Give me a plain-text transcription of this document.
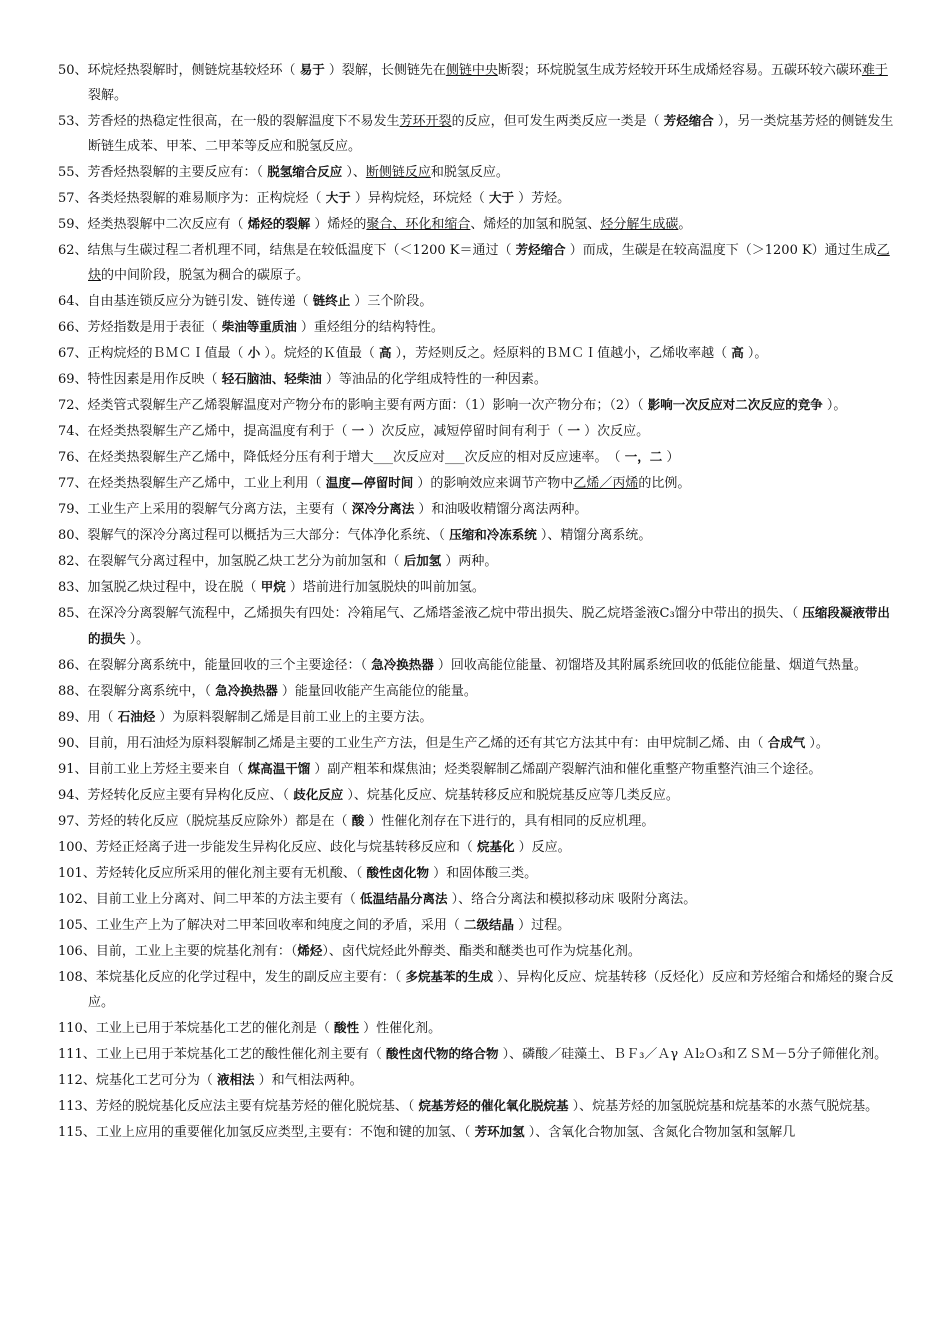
50、环烷烃热裂解时，侧链烷基较烃环（ 易于 ）裂解，长侧链先在侧链中央断裂；环烷脱氢生成芳烃较开环生成烯烃容易。五碳环较六碳环难于裂解。
53、芳香烃的热稳定性很高，在一般的裂解温度下不易发生芳环开裂的反应，但可发生两类反应一类是（ 芳烃缩合 ），另一类烷基芳烃的侧链发生断链生成苯、甲苯、二甲苯等反应和脱氢反应。
55、芳香烃热裂解的主要反应有：（ 脱氢缩合反应 ）、断侧链反应和脱氢反应。
57、各类烃热裂解的难易顺序为：正构烷烃（ 大于 ）异构烷烃，环烷烃（ 大于 ）芳烃。
59、烃类热裂解中二次反应有（ 烯烃的裂解 ）烯烃的聚合、环化和缩合、烯烃的加氢和脱氢、烃分解生成碳。
62、结焦与生碳过程二者机理不同，结焦是在较低温度下（＜1200 K＝通过（ 芳烃缩合 ）而成，生碳是在较高温度下（＞1200 K）通过生成乙炔的中间阶段，脱氢为稠合的碳原子。
64、自由基连锁反应分为链引发、链传递（ 链终止 ）三个阶段。
66、芳烃指数是用于表征（ 柴油等重质油 ）重烃组分的结构特性。
67、正构烷烃的ＢＭＣＩ值最（ 小 ）。烷烃的Ｋ值最（ 高 ），芳烃则反之。烃原料的ＢＭＣＩ值越小，乙烯收率越（ 高 ）。
69、特性因素是用作反映（ 轻石脑油、轻柴油 ）等油品的化学组成特性的一种因素。
72、烃类管式裂解生产乙烯裂解温度对产物分布的影响主要有两方面：（1）影响一次产物分布；（2）（ 影响一次反应对二次反应的竞争 ）。
74、在烃类热裂解生产乙烯中，提高温度有利于（ 一 ）次反应，减短停留时间有利于（ 一 ）次反应。
76、在烃类热裂解生产乙烯中，降低烃分压有利于增大___次反应对___次反应的相对反应速率。　（ 一，二 ）
77、在烃类热裂解生产乙烯中，工业上利用（ 温度—停留时间 ）的影响效应来调节产物中乙烯／丙烯的比例。
79、工业生产上采用的裂解气分离方法，主要有（ 深冷分离法 ）和油吸收精馏分离法两种。
80、裂解气的深冷分离过程可以概括为三大部分：气体净化系统、（ 压缩和冷冻系统 ）、精馏分离系统。
82、在裂解气分离过程中，加氢脱乙炔工艺分为前加氢和（ 后加氢 ）两种。
83、加氢脱乙炔过程中，设在脱（ 甲烷 ）塔前进行加氢脱炔的叫前加氢。
85、在深冷分离裂解气流程中，乙烯损失有四处：冷箱尾气、乙烯塔釜液乙烷中带出损失、脱乙烷塔釜液C₃馏分中带出的损失、（ 压缩段凝液带出的损失 ）。
86、在裂解分离系统中，能量回收的三个主要途径：（ 急冷换热器 ）回收高能位能量、初馏塔及其附属系统回收的低能位能量、烟道气热量。
88、在裂解分离系统中，（ 急冷换热器 ）能量回收能产生高能位的能量。
89、用（ 石油烃 ）为原料裂解制乙烯是目前工业上的主要方法。
90、目前，用石油烃为原料裂解制乙烯是主要的工业生产方法，但是生产乙烯的还有其它方法其中有：由甲烷制乙烯、由（ 合成气 ）。
91、目前工业上芳烃主要来自（ 煤高温干馏 ）副产粗苯和煤焦油；烃类裂解制乙烯副产裂解汽油和催化重整产物重整汽油三个途径。
94、芳烃转化反应主要有异构化反应、（ 歧化反应 ）、烷基化反应、烷基转移反应和脱烷基反应等几类反应。
97、芳烃的转化反应（脱烷基反应除外）都是在（ 酸 ）性催化剂存在下进行的，具有相同的反应机理。
100、芳烃正烃离子进一步能发生异构化反应、歧化与烷基转移反应和（ 烷基化 ）反应。
101、芳烃转化反应所采用的催化剂主要有无机酸、（ 酸性卤化物 ）和固体酸三类。
102、目前工业上分离对、间二甲苯的方法主要有（ 低温结晶分离法 ）、络合分离法和模拟移动床 吸附分离法。
105、工业生产上为了解决对二甲苯回收率和纯度之间的矛盾，采用（ 二级结晶 ）过程。
106、目前，工业上主要的烷基化剂有：（烯烃）、卤代烷烃此外醇类、酯类和醚类也可作为烷基化剂。
108、苯烷基化反应的化学过程中，发生的副反应主要有：（ 多烷基苯的生成 ）、异构化反应、烷基转移（反烃化）反应和芳烃缩合和烯烃的聚合反应。
110、工业上已用于苯烷基化工艺的催化剂是（ 酸性 ）性催化剂。
111、工业上已用于苯烷基化工艺的酸性催化剂主要有（ 酸性卤代物的络合物 ）、磷酸／硅藻土、ＢＦ₃／Ａγ Ａl₂Ｏ₃和ＺＳＭ－5分子筛催化剂。
112、烷基化工艺可分为（ 液相法 ）和气相法两种。
113、芳烃的脱烷基化反应法主要有烷基芳烃的催化脱烷基、（ 烷基芳烃的催化氧化脱烷基 ）、烷基芳烃的加氢脱烷基和烷基苯的水蒸气脱烷基。
115、工业上应用的重要催化加氢反应类型,主要有：不饱和键的加氢、（ 芳环加氢 ）、含氧化合物加氢、含氮化合物加氢和氢解几
